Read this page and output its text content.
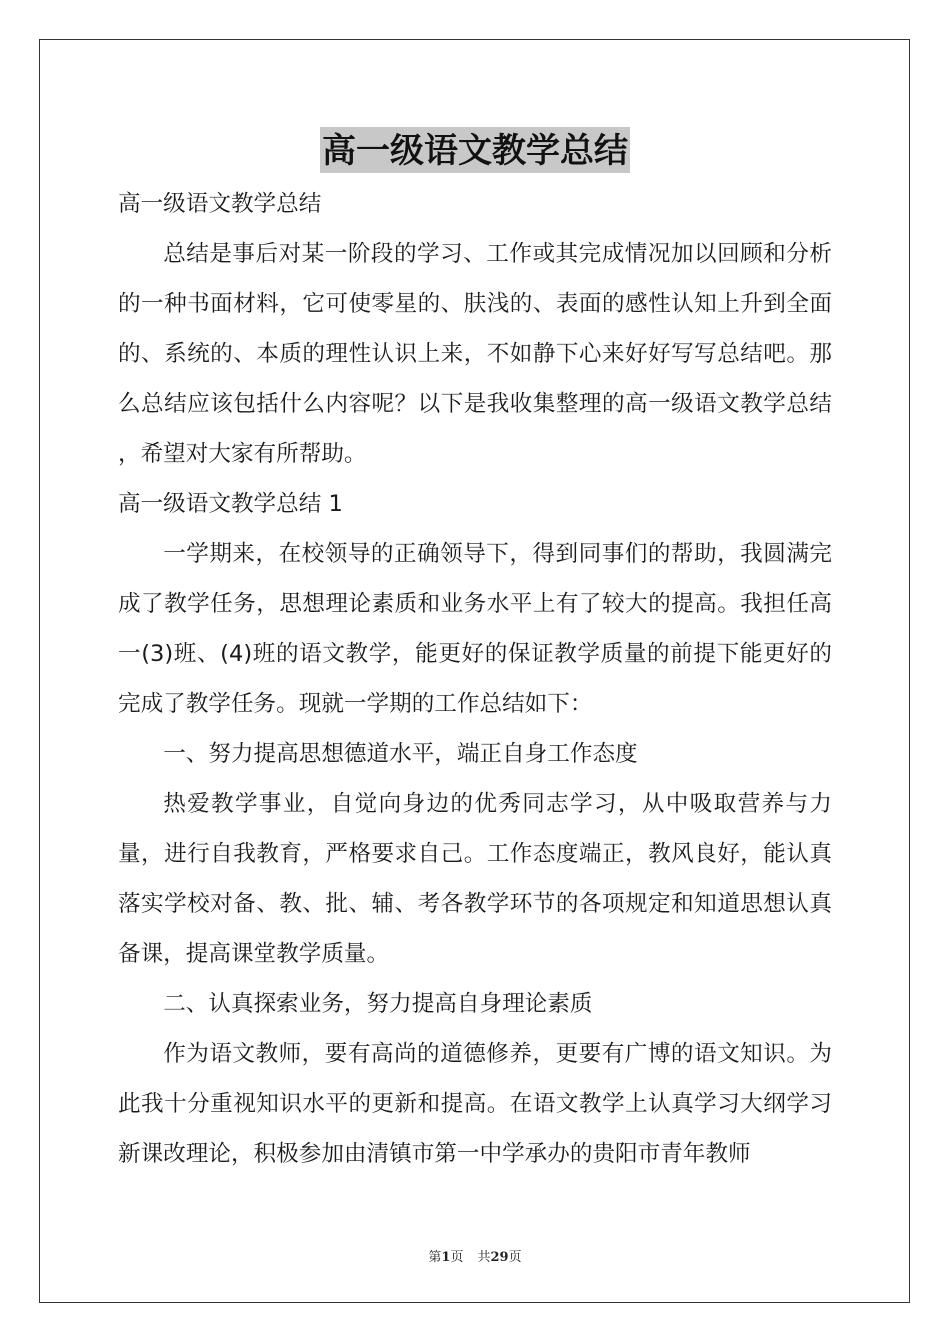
高一级语文教学总结

高一级语文教学总结

总结是事后对某一阶段的学习、工作或其完成情况加以回顾和分析的一种书面材料，它可使零星的、肤浅的、表面的感性认知上升到全面的、系统的、本质的理性认识上来，不如静下心来好好写写总结吧。那么总结应该包括什么内容呢？以下是我收集整理的高一级语文教学总结 ，希望对大家有所帮助。

高一级语文教学总结 1

一学期来，在校领导的正确领导下，得到同事们的帮助，我圆满完成了教学任务，思想理论素质和业务水平上有了较大的提高。我担任高一(3)班、(4)班的语文教学，能更好的保证教学质量的前提下能更好的完成了教学任务。现就一学期的工作总结如下：

一、努力提高思想德道水平，端正自身工作态度

热爱教学事业，自觉向身边的优秀同志学习，从中吸取营养与力量，进行自我教育，严格要求自己。工作态度端正，教风良好，能认真落实学校对备、教、批、辅、考各教学环节的各项规定和知道思想认真备课，提高课堂教学质量。

二、认真探索业务，努力提高自身理论素质

作为语文教师，要有高尚的道德修养，更要有广博的语文知识。为此我十分重视知识水平的更新和提高。在语文教学上认真学习大纲学习新课改理论，积极参加由清镇市第一中学承办的贵阳市青年教师

第1页 共29页
